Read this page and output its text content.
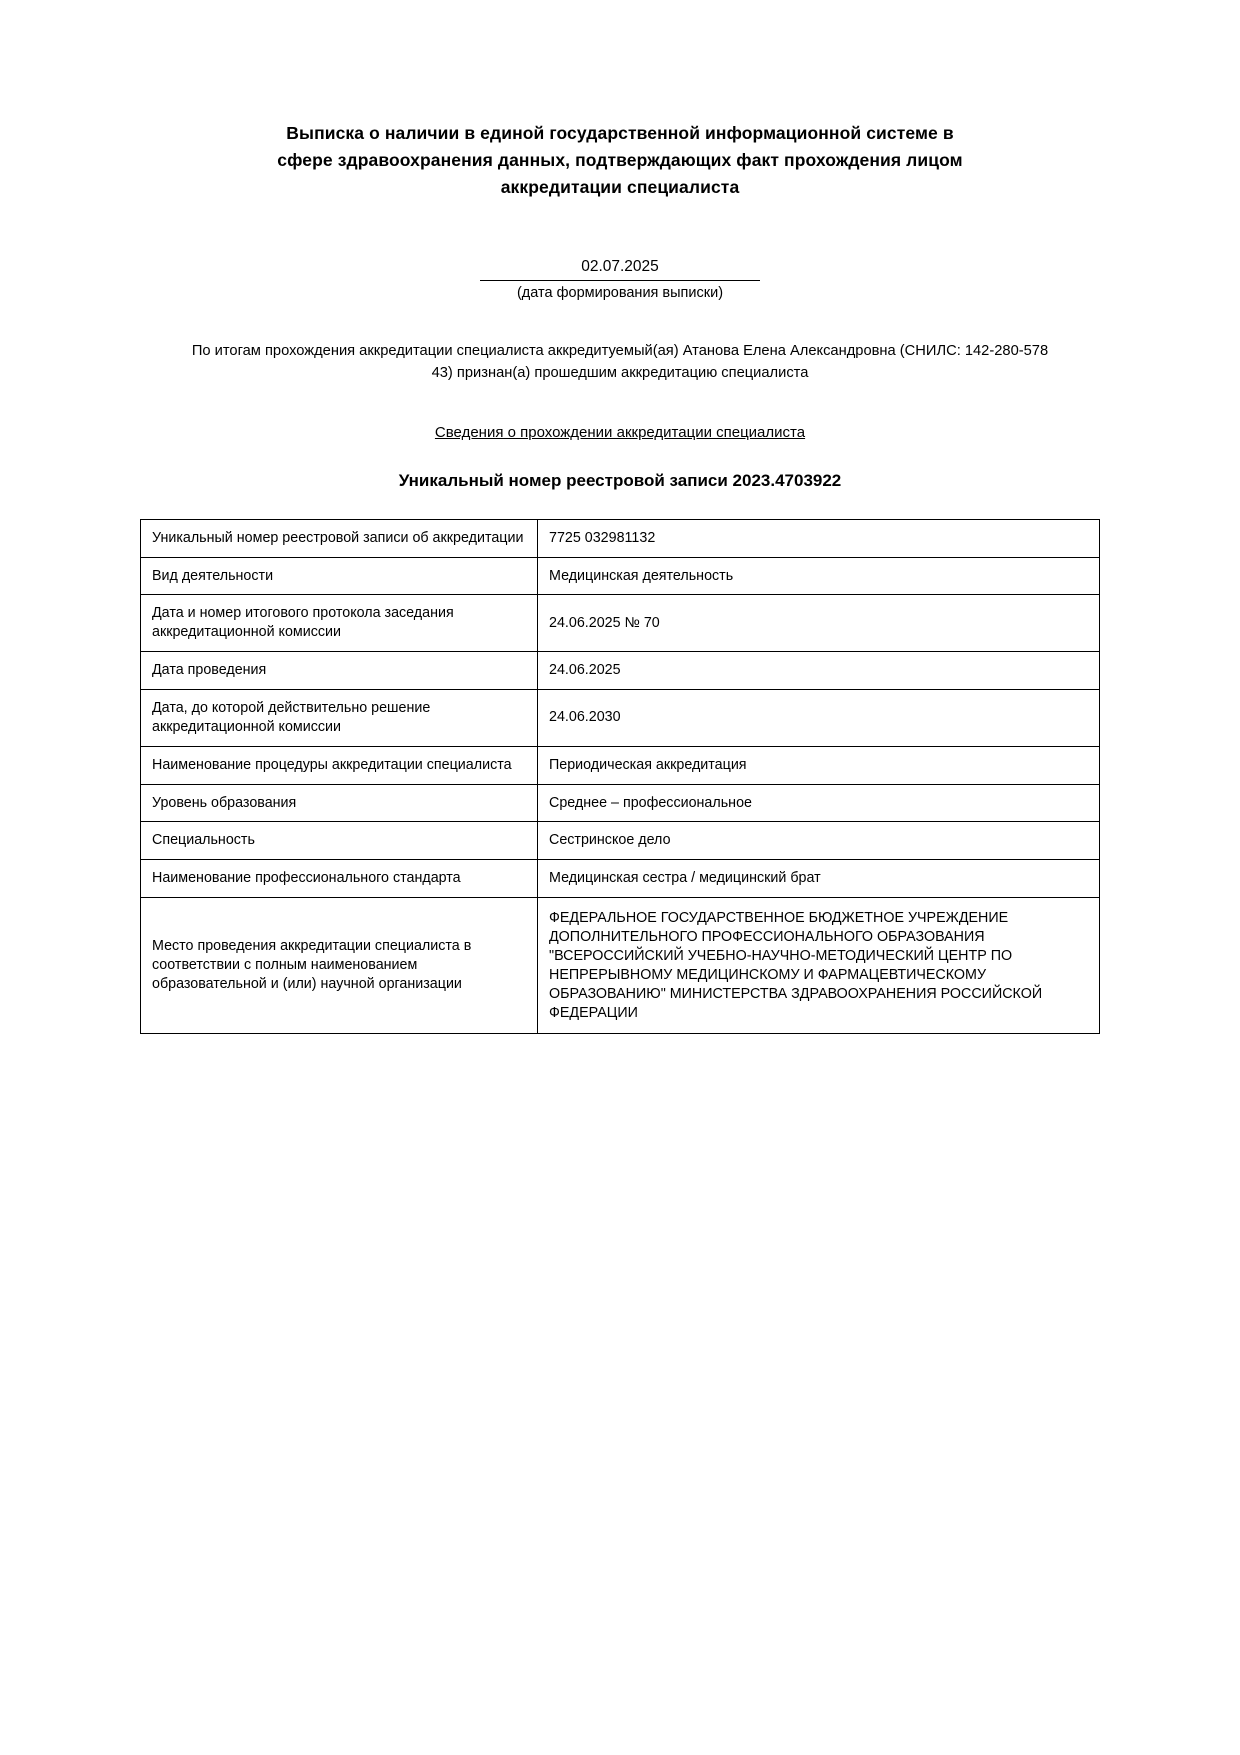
Выписка о наличии в единой государственной информационной системе в сфере здравоохранения данных, подтверждающих факт прохождения лицом аккредитации специалиста
02.07.2025
(дата формирования выписки)
По итогам прохождения аккредитации специалиста аккредитуемый(ая) Атанова Елена Александровна (СНИЛС: 142-280-578 43) признан(а) прошедшим аккредитацию специалиста
Сведения о прохождении аккредитации специалиста
Уникальный номер реестровой записи 2023.4703922
Уникальный номер реестровой записи об аккредитации	7725 032981132
Вид деятельности	Медицинская деятельность
Дата и номер итогового протокола заседания аккредитационной комиссии	24.06.2025 № 70
Дата проведения	24.06.2025
Дата, до которой действительно решение аккредитационной комиссии	24.06.2030
Наименование процедуры аккредитации специалиста	Периодическая аккредитация
Уровень образования	Среднее – профессиональное
Специальность	Сестринское дело
Наименование профессионального стандарта	Медицинская сестра / медицинский брат
Место проведения аккредитации специалиста в соответствии с полным наименованием образовательной и (или) научной организации	ФЕДЕРАЛЬНОЕ ГОСУДАРСТВЕННОЕ БЮДЖЕТНОЕ УЧРЕЖДЕНИЕ ДОПОЛНИТЕЛЬНОГО ПРОФЕССИОНАЛЬНОГО ОБРАЗОВАНИЯ "ВСЕРОССИЙСКИЙ УЧЕБНО-НАУЧНО-МЕТОДИЧЕСКИЙ ЦЕНТР ПО НЕПРЕРЫВНОМУ МЕДИЦИНСКОМУ И ФАРМАЦЕВТИЧЕСКОМУ ОБРАЗОВАНИЮ" МИНИСТЕРСТВА ЗДРАВООХРАНЕНИЯ РОССИЙСКОЙ ФЕДЕРАЦИИ
